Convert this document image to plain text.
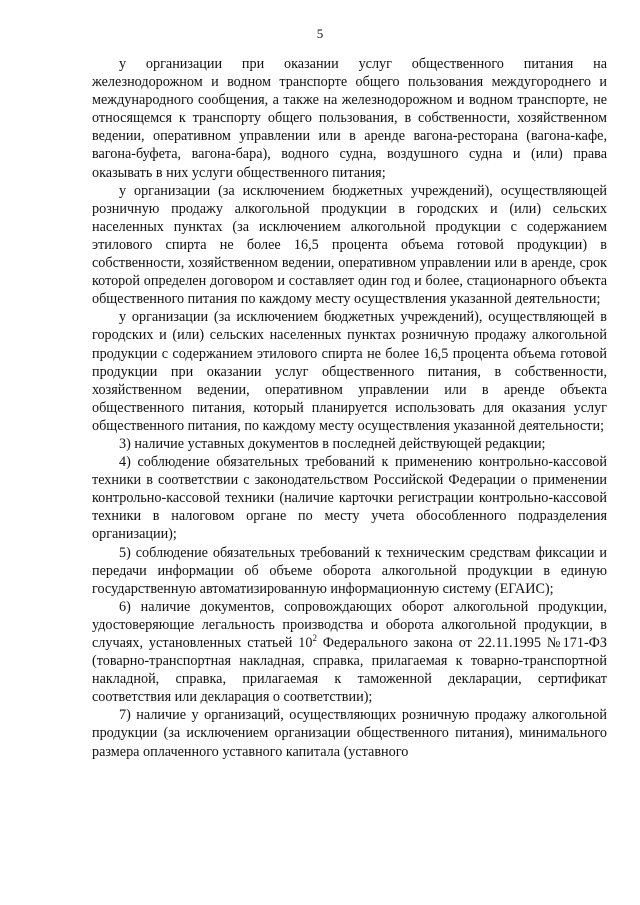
5

у организации при оказании услуг общественного питания на железнодорожном и водном транспорте общего пользования междугороднего и международного сообщения, а также на железнодорожном и водном транспорте, не относящемся к транспорту общего пользования, в собственности, хозяйственном ведении, оперативном управлении или в аренде вагона-ресторана (вагона-кафе, вагона-буфета, вагона-бара), водного судна, воздушного судна и (или) права оказывать в них услуги общественного питания;

у организации (за исключением бюджетных учреждений), осуществляющей розничную продажу алкогольной продукции в городских и (или) сельских населенных пунктах (за исключением алкогольной продукции с содержанием этилового спирта не более 16,5 процента объема готовой продукции) в собственности, хозяйственном ведении, оперативном управлении или в аренде, срок которой определен договором и составляет один год и более, стационарного объекта общественного питания по каждому месту осуществления указанной деятельности;

у организации (за исключением бюджетных учреждений), осуществляющей в городских и (или) сельских населенных пунктах розничную продажу алкогольной продукции с содержанием этилового спирта не более 16,5 процента объема готовой продукции при оказании услуг общественного питания, в собственности, хозяйственном ведении, оперативном управлении или в аренде объекта общественного питания, который планируется использовать для оказания услуг общественного питания, по каждому месту осуществления указанной деятельности;

3) наличие уставных документов в последней действующей редакции;

4) соблюдение обязательных требований к применению контрольно-кассовой техники в соответствии с законодательством Российской Федерации о применении контрольно-кассовой техники (наличие карточки регистрации контрольно-кассовой техники в налоговом органе по месту учета обособленного подразделения организации);

5) соблюдение обязательных требований к техническим средствам фиксации и передачи информации об объеме оборота алкогольной продукции в единую государственную автоматизированную информационную систему (ЕГАИС);

6) наличие документов, сопровождающих оборот алкогольной продукции, удостоверяющие легальность производства и оборота алкогольной продукции, в случаях, установленных статьей $10^2$ Федерального закона от 22.11.1995 №171-ФЗ (товарно-транспортная накладная, справка, прилагаемая к товарно-транспортной накладной, справка, прилагаемая к таможенной декларации, сертификат соответствия или декларация о соответствии);

7) наличие у организаций, осуществляющих розничную продажу алкогольной продукции (за исключением организации общественного питания), минимального размера оплаченного уставного капитала (уставного
